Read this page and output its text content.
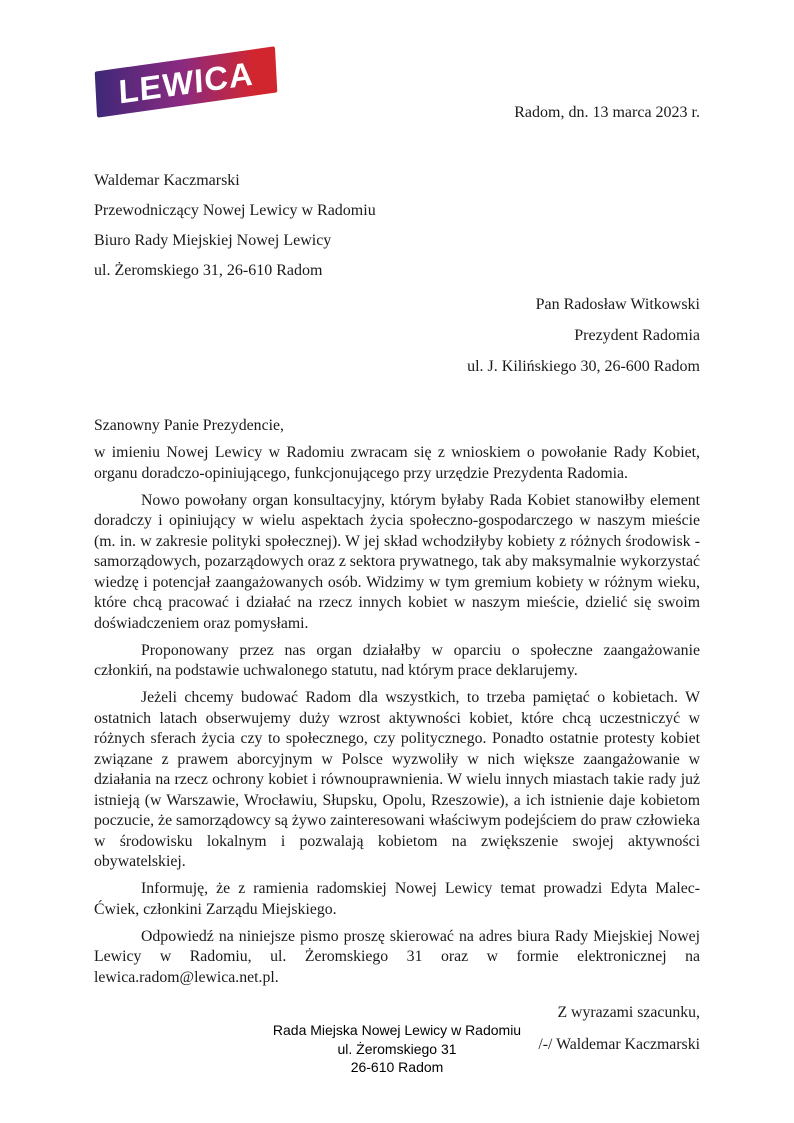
LEWICA
Radom, dn. 13 marca 2023 r.

Waldemar Kaczmarski

Przewodniczący Nowej Lewicy w Radomiu

Biuro Rady Miejskiej Nowej Lewicy

ul. Żeromskiego 31, 26-610 Radom

Pan Radosław Witkowski

Prezydent Radomia

ul. J. Kilińskiego 30, 26-600 Radom

Szanowny Panie Prezydencie,

w imieniu Nowej Lewicy w Radomiu zwracam się z wnioskiem o powołanie Rady Kobiet, organu doradczo-opiniującego, funkcjonującego przy urzędzie Prezydenta Radomia.

Nowo powołany organ konsultacyjny, którym byłaby Rada Kobiet stanowiłby element doradczy i opiniujący w wielu aspektach życia społeczno-gospodarczego w naszym mieście (m. in. w zakresie polityki społecznej). W jej skład wchodziłyby kobiety z różnych środowisk - samorządowych, pozarządowych oraz z sektora prywatnego, tak aby maksymalnie wykorzystać wiedzę i potencjał zaangażowanych osób. Widzimy w tym gremium kobiety w różnym wieku, które chcą pracować i działać na rzecz innych kobiet w naszym mieście, dzielić się swoim doświadczeniem oraz pomysłami.

Proponowany przez nas organ działałby w oparciu o społeczne zaangażowanie członkiń, na podstawie uchwalonego statutu, nad którym prace deklarujemy.

Jeżeli chcemy budować Radom dla wszystkich, to trzeba pamiętać o kobietach. W ostatnich latach obserwujemy duży wzrost aktywności kobiet, które chcą uczestniczyć w różnych sferach życia czy to społecznego, czy politycznego. Ponadto ostatnie protesty kobiet związane z prawem aborcyjnym w Polsce wyzwoliły w nich większe zaangażowanie w działania na rzecz ochrony kobiet i równouprawnienia. W wielu innych miastach takie rady już istnieją (w Warszawie, Wrocławiu, Słupsku, Opolu, Rzeszowie), a ich istnienie daje kobietom poczucie, że samorządowcy są żywo zainteresowani właściwym podejściem do praw człowieka w środowisku lokalnym i pozwalają kobietom na zwiększenie swojej aktywności obywatelskiej.

Informuję, że z ramienia radomskiej Nowej Lewicy temat prowadzi Edyta Malec-Ćwiek, członkini Zarządu Miejskiego.

Odpowiedź na niniejsze pismo proszę skierować na adres biura Rady Miejskiej Nowej Lewicy w Radomiu, ul. Żeromskiego 31 oraz w formie elektronicznej na lewica.radom@lewica.net.pl.

Z wyrazami szacunku,

/-/ Waldemar Kaczmarski

Rada Miejska Nowej Lewicy w Radomiu

ul. Żeromskiego 31

26-610 Radom
